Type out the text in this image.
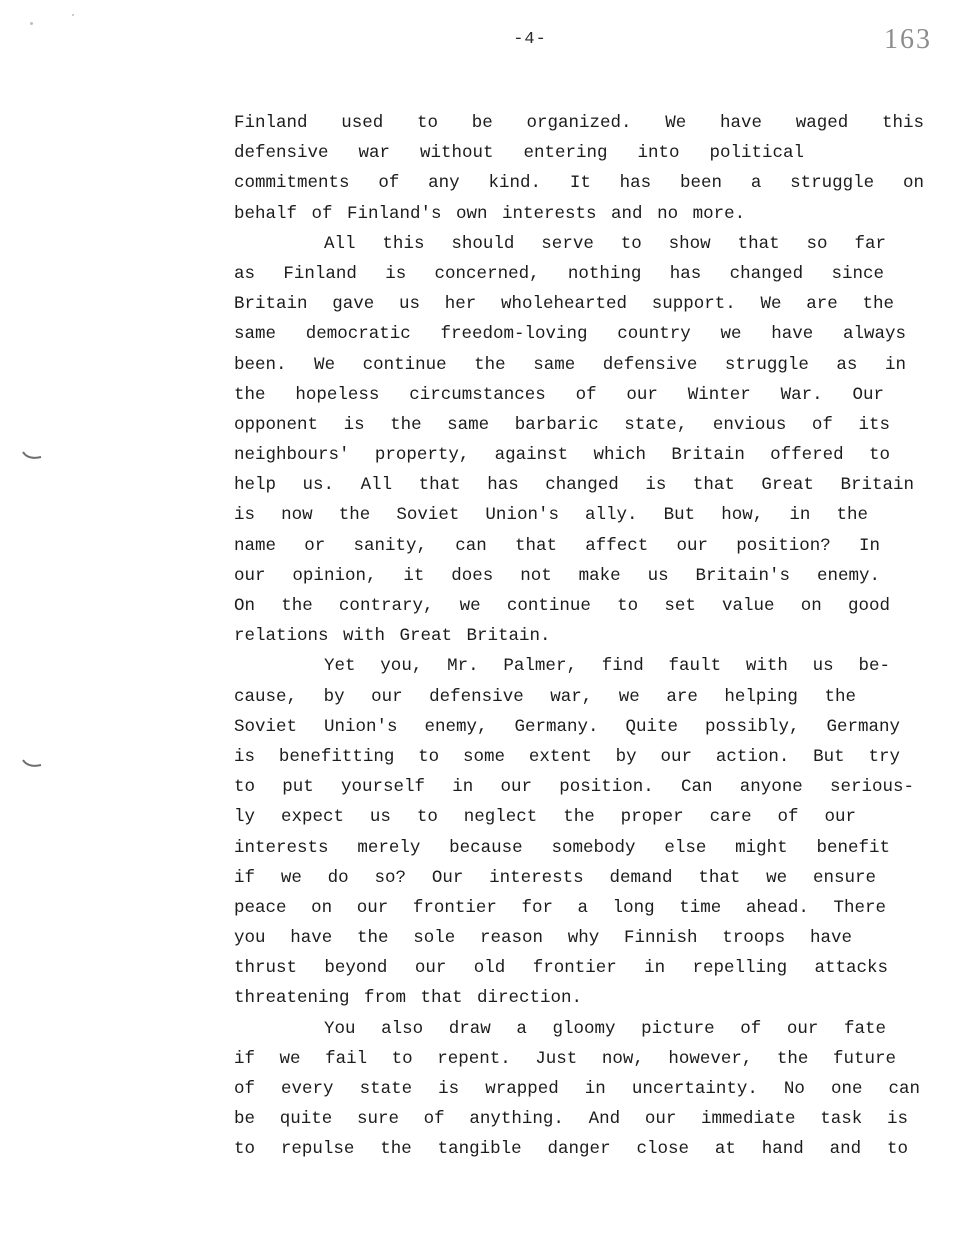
-4-	163
Finland used to be organized. We have waged this
defensive war without entering into political
commitments of any kind. It has been a struggle on
behalf of Finland's own interests and no more.
All this should serve to show that so far
as Finland is concerned, nothing has changed since
Britain gave us her wholehearted support. We are the
same democratic freedom-loving country we have always
been. We continue the same defensive struggle as in
the hopeless circumstances of our Winter War. Our
opponent is the same barbaric state, envious of its
neighbours' property, against which Britain offered to
help us. All that has changed is that Great Britain
is now the Soviet Union's ally. But how, in the
name or sanity, can that affect our position? In
our opinion, it does not make us Britain's enemy.
On the contrary, we continue to set value on good
relations with Great Britain.
Yet you, Mr. Palmer, find fault with us be-
cause, by our defensive war, we are helping the
Soviet Union's enemy, Germany. Quite possibly, Germany
is benefitting to some extent by our action. But try
to put yourself in our position. Can anyone serious-
ly expect us to neglect the proper care of our
interests merely because somebody else might benefit
if we do so? Our interests demand that we ensure
peace on our frontier for a long time ahead. There
you have the sole reason why Finnish troops have
thrust beyond our old frontier in repelling attacks
threatening from that direction.
You also draw a gloomy picture of our fate
if we fail to repent. Just now, however, the future
of every state is wrapped in uncertainty. No one can
be quite sure of anything. And our immediate task is
to repulse the tangible danger close at hand and to
